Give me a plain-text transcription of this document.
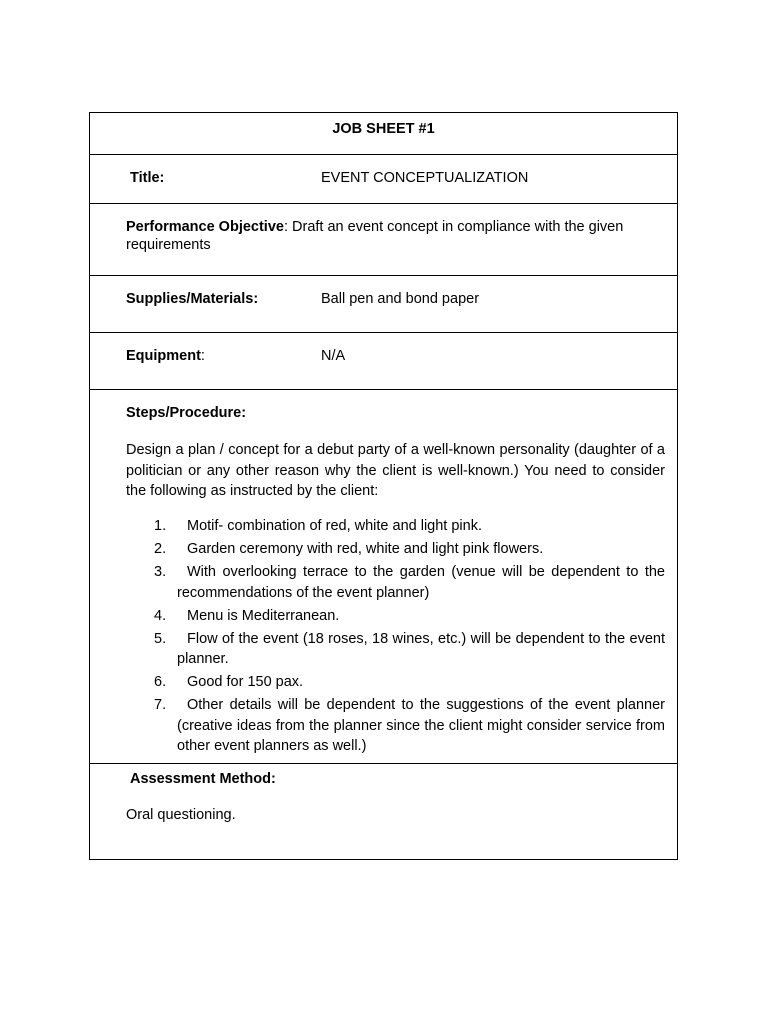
JOB SHEET #1
Title:	EVENT CONCEPTUALIZATION
Performance Objective: Draft an event concept in compliance with the given requirements
Supplies/Materials:	Ball pen and bond paper
Equipment:	N/A
Steps/Procedure:
Design a plan / concept for a debut party of a well-known personality (daughter of a politician or any other reason why the client is well-known.) You need to consider the following as instructed by the client:
1.	Motif- combination of red, white and light pink.
2.	Garden ceremony with red, white and light pink flowers.
3.	With overlooking terrace to the garden (venue will be dependent to the recommendations of the event planner)
4.	Menu is Mediterranean.
5.	Flow of the event (18 roses, 18 wines, etc.) will be dependent to the event planner.
6.	Good for 150 pax.
7.	Other details will be dependent to the suggestions of the event planner (creative ideas from the planner since the client might consider service from other event planners as well.)
Assessment Method:
Oral questioning.
